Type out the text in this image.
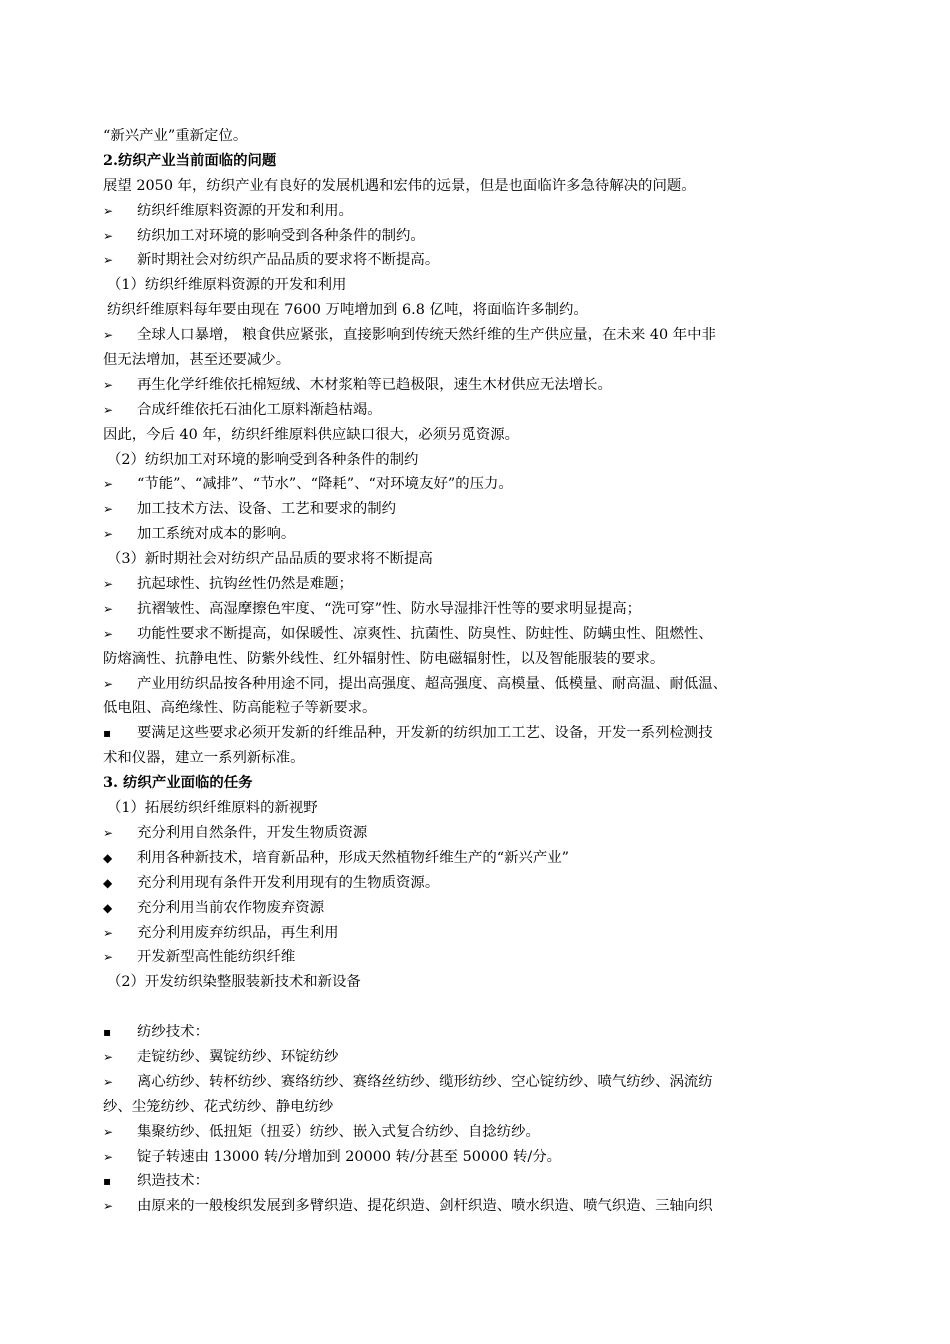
“新兴产业”重新定位。
2.纺织产业当前面临的问题
展望 2050 年，纺织产业有良好的发展机遇和宏伟的远景，但是也面临许多急待解决的问题。
➢ 纺织纤维原料资源的开发和利用。
➢ 纺织加工对环境的影响受到各种条件的制约。
➢ 新时期社会对纺织产品品质的要求将不断提高。
（1）纺织纤维原料资源的开发和利用
纺织纤维原料每年要由现在 7600 万吨增加到 6.8 亿吨，将面临许多制约。
➢ 全球人口暴增， 粮食供应紧张，直接影响到传统天然纤维的生产供应量，在未来 40 年中非
但无法增加，甚至还要减少。
➢ 再生化学纤维依托棉短绒、木材浆粕等已趋极限，速生木材供应无法增长。
➢ 合成纤维依托石油化工原料渐趋枯竭。
因此，今后 40 年，纺织纤维原料供应缺口很大，必须另觅资源。
（2）纺织加工对环境的影响受到各种条件的制约
➢ “节能”、“减排”、“节水”、“降耗”、“对环境友好”的压力。
➢ 加工技术方法、设备、工艺和要求的制约
➢ 加工系统对成本的影响。
（3）新时期社会对纺织产品品质的要求将不断提高
➢ 抗起球性、抗钩丝性仍然是难题；
➢ 抗褶皱性、高湿摩擦色牢度、“洗可穿”性、防水导湿排汗性等的要求明显提高；
➢ 功能性要求不断提高，如保暖性、凉爽性、抗菌性、防臭性、防蛀性、防螨虫性、阻燃性、
防熔滴性、抗静电性、防紫外线性、红外辐射性、防电磁辐射性，以及智能服装的要求。
➢ 产业用纺织品按各种用途不同，提出高强度、超高强度、高模量、低模量、耐高温、耐低温、
低电阻、高绝缘性、防高能粒子等新要求。
▪ 要满足这些要求必须开发新的纤维品种，开发新的纺织加工工艺、设备，开发一系列检测技
术和仪器，建立一系列新标准。
3. 纺织产业面临的任务
（1）拓展纺织纤维原料的新视野
➢ 充分利用自然条件，开发生物质资源
◆ 利用各种新技术，培育新品种，形成天然植物纤维生产的“新兴产业”
◆ 充分利用现有条件开发利用现有的生物质资源。
◆ 充分利用当前农作物废弃资源
➢ 充分利用废弃纺织品，再生利用
➢ 开发新型高性能纺织纤维
（2）开发纺织染整服装新技术和新设备
▪ 纺纱技术：
➢ 走锭纺纱、翼锭纺纱、环锭纺纱
➢ 离心纺纱、转杯纺纱、赛络纺纱、赛络丝纺纱、缆形纺纱、空心锭纺纱、喷气纺纱、涡流纺
纱、尘笼纺纱、花式纺纱、静电纺纱
➢ 集聚纺纱、低扭矩（扭妥）纺纱、嵌入式复合纺纱、自捻纺纱。
➢ 锭子转速由 13000 转/分增加到 20000 转/分甚至 50000 转/分。
▪ 织造技术：
➢ 由原来的一般梭织发展到多臂织造、提花织造、剑杆织造、喷水织造、喷气织造、三轴向织
